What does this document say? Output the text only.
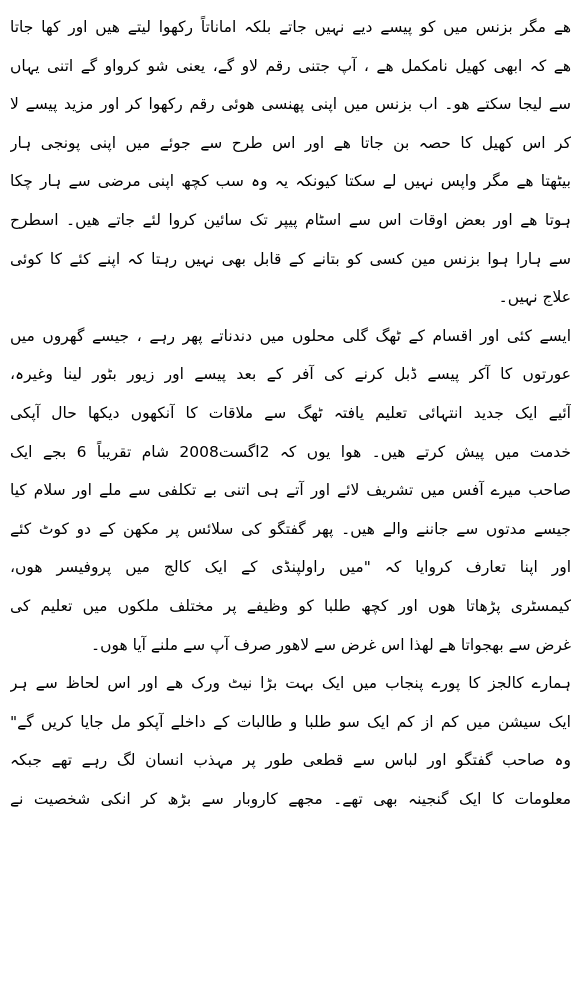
ھے مگر بزنس میں کو پیسے دیے نہیں جاتے بلکہ اماناتاً رکھوا لیتے ھیں اور کھا جاتا
ھے کہ ابھی کھیل نامکمل ھے ، آپ جتنی رقم لاو گے، یعنی شو کرواو گے اتنی یہاں
سے لیجا سکتے ھو۔ اب بزنس میں اپنی پھنسی ھوئی رقم رکھوا کر اور مزید پیسے لا
کر اس کھیل کا حصہ بن جاتا ھے اور اس طرح سے جوئے میں اپنی پونجی ہار
بیٹھتا ھے مگر واپس نہیں لے سکتا کیونکہ یہ وہ سب کچھ اپنی مرضی سے ہار چکا
ہوتا ھے اور بعض اوقات اس سے اسٹام پیپر تک سائین کروا لئے جاتے ھیں۔ اسطرح
سے ہارا ہوا بزنس مین کسی کو بتانے کے قابل بھی نہیں رہتا کہ اپنے کئے کا کوئی
علاج نہیں۔
ایسے کئی اور اقسام کے ٹھگ گلی محلوں میں دندناتے پھر رہے ، جیسے گھروں میں
عورتوں کا آکر پیسے ڈبل کرنے کی آفر کے بعد پیسے اور زیور بٹور لینا وغیرہ،
آئیے ایک جدید انتہائی تعلیم یافتہ ٹھگ سے ملاقات کا آنکھوں دیکھا حال آپکی
خدمت میں پیش کرتے ھیں۔ ھوا یوں کہ 2اگست2008 شام تقریباً 6 بجے ایک
صاحب میرے آفس میں تشریف لائے اور آتے ہی اتنی بے تکلفی سے ملے اور سلام کیا
جیسے مدتوں سے جاننے والے ھیں۔ پھر گفتگو کی سلائس پر مکھن کے دو کوٹ کئے
اور اپنا تعارف کروایا کہ "میں راولپنڈی کے ایک کالج میں پروفیسر ھوں،
کیمسٹری پڑھاتا ھوں اور کچھ طلبا کو وظیفے پر مختلف ملکوں میں تعلیم کی
غرض سے بھجواتا ھے لھذا اس غرض سے لاھور صرف آپ سے ملنے آیا ھوں۔
ہمارے کالجز کا پورے پنجاب میں ایک بہت بڑا نیٹ ورک ھے اور اس لحاظ سے ہر
ایک سیشن میں کم از کم ایک سو طلبا و طالبات کے داخلے آپکو مل جایا کریں گے"
وہ صاحب گفتگو اور لباس سے قطعی طور پر مہذب انسان لگ رہے تھے جبکہ
معلومات کا ایک گنجینہ بھی تھے۔ مجھے کاروبار سے بڑھ کر انکی شخصیت نے
